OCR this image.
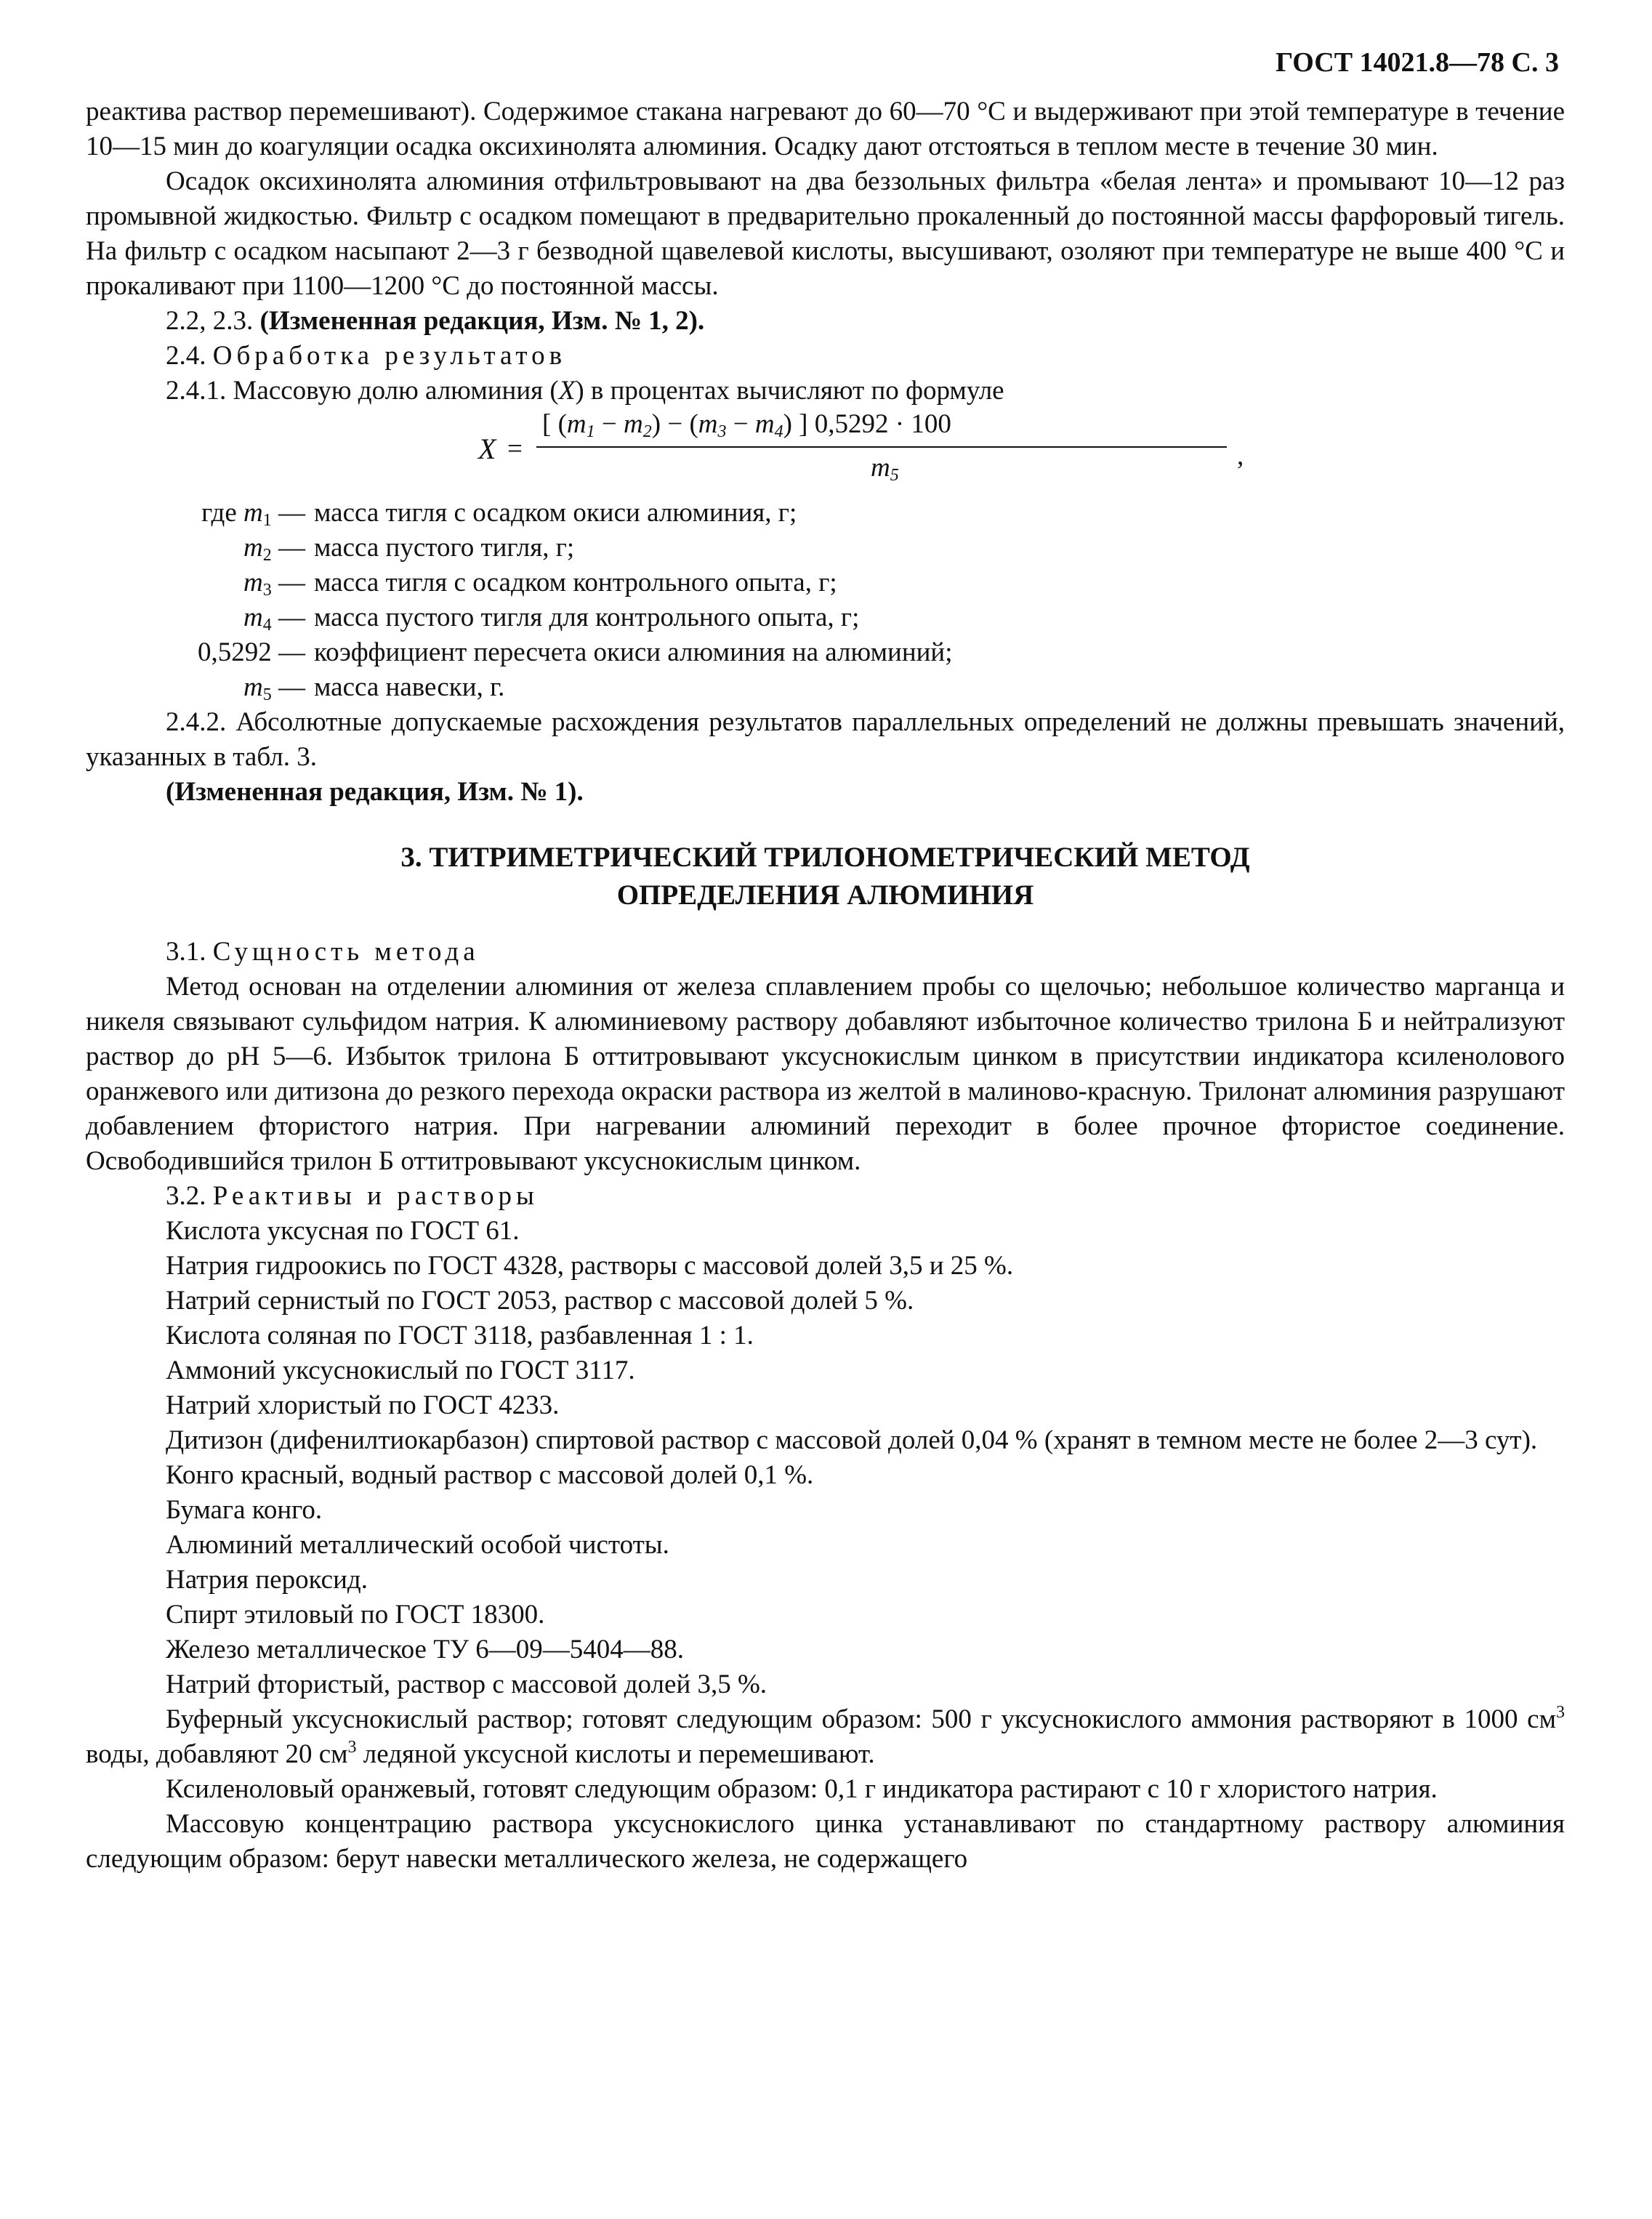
ГОСТ 14021.8—78 С. 3

реактива раствор перемешивают). Содержимое стакана нагревают до 60—70 °С и выдерживают при этой температуре в течение 10—15 мин до коагуляции осадка оксихинолята алюминия. Осадку дают отстояться в теплом месте в течение 30 мин.

Осадок оксихинолята алюминия отфильтровывают на два беззольных фильтра «белая лента» и промывают 10—12 раз промывной жидкостью. Фильтр с осадком помещают в предварительно прокаленный до постоянной массы фарфоровый тигель. На фильтр с осадком насыпают 2—3 г безводной щавелевой кислоты, высушивают, озоляют при температуре не выше 400 °С и прокаливают при 1100—1200 °С до постоянной массы.

2.2, 2.3. (Измененная редакция, Изм. № 1, 2).

2.4. Обработка результатов

2.4.1. Массовую долю алюминия (X) в процентах вычисляют по формуле

X =
[ $(m_1 - m_2) - (m_3 - m_4)$ ] 0,5292 · 100
$m_5$
,
где $m_1$ — масса тигля с осадком окиси алюминия, г;
$m_2$ — масса пустого тигля, г;
$m_3$ — масса тигля с осадком контрольного опыта, г;
$m_4$ — масса пустого тигля для контрольного опыта, г;
0,5292 — коэффициент пересчета окиси алюминия на алюминий;
$m_5$ — масса навески, г.

2.4.2. Абсолютные допускаемые расхождения результатов параллельных определений не должны превышать значений, указанных в табл. 3.

(Измененная редакция, Изм. № 1).

3. ТИТРИМЕТРИЧЕСКИЙ ТРИЛОНОМЕТРИЧЕСКИЙ МЕТОД
ОПРЕДЕЛЕНИЯ АЛЮМИНИЯ

3.1. Сущность метода

Метод основан на отделении алюминия от железа сплавлением пробы со щелочью; небольшое количество марганца и никеля связывают сульфидом натрия. К алюминиевому раствору добавляют избыточное количество трилона Б и нейтрализуют раствор до рН 5—6. Избыток трилона Б оттитровывают уксуснокислым цинком в присутствии индикатора ксиленолового оранжевого или дитизона до резкого перехода окраски раствора из желтой в малиново-красную. Трилонат алюминия разрушают добавлением фтористого натрия. При нагревании алюминий переходит в более прочное фтористое соединение. Освободившийся трилон Б оттитровывают уксуснокислым цинком.

3.2. Реактивы и растворы

Кислота уксусная по ГОСТ 61.

Натрия гидроокись по ГОСТ 4328, растворы с массовой долей 3,5 и 25 %.

Натрий сернистый по ГОСТ 2053, раствор с массовой долей 5 %.

Кислота соляная по ГОСТ 3118, разбавленная 1 : 1.

Аммоний уксуснокислый по ГОСТ 3117.

Натрий хлористый по ГОСТ 4233.

Дитизон (дифенилтиокарбазон) спиртовой раствор с массовой долей 0,04 % (хранят в темном месте не более 2—3 сут).

Конго красный, водный раствор с массовой долей 0,1 %.

Бумага конго.

Алюминий металлический особой чистоты.

Натрия пероксид.

Спирт этиловый по ГОСТ 18300.

Железо металлическое ТУ 6—09—5404—88.

Натрий фтористый, раствор с массовой долей 3,5 %.

Буферный уксуснокислый раствор; готовят следующим образом: 500 г уксуснокислого аммония растворяют в 1000 $см^3$ воды, добавляют 20 $см^3$ ледяной уксусной кислоты и перемешивают.

Ксиленоловый оранжевый, готовят следующим образом: 0,1 г индикатора растирают с 10 г хлористого натрия.

Массовую концентрацию раствора уксуснокислого цинка устанавливают по стандартному раствору алюминия следующим образом: берут навески металлического железа, не содержащего
